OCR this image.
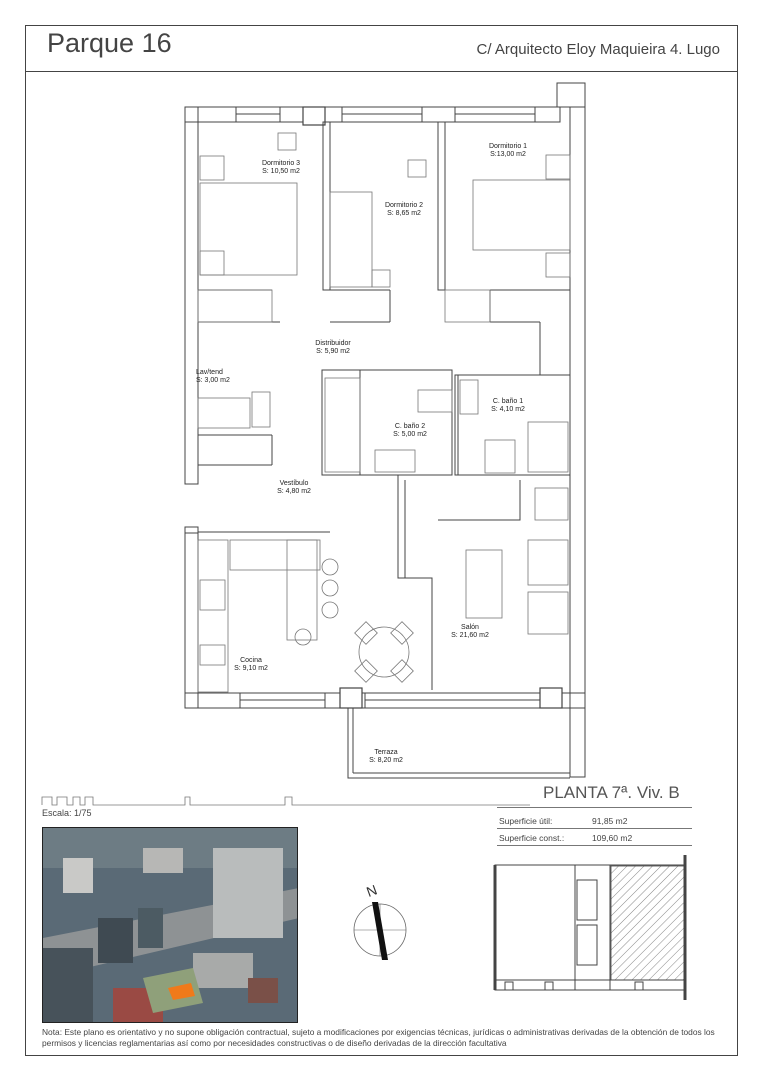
Parque 16	C/ Arquitecto Eloy Maquieira 4. Lugo
Dormitorio 3
S: 10,50 m2
Dormitorio 2
S: 8,65 m2
Dormitorio 1
S:13,00 m2
Distribuidor
S: 5,90 m2
Lav/tend
S: 3,00 m2
C. baño 1
S: 4,10 m2
C. baño 2
S: 5,00 m2
Vestíbulo
S: 4,80 m2
Salón
S: 21,60 m2
Cocina
S: 9,10 m2
Terraza
S: 8,20 m2
PLANTA 7ª. Viv. B
Escala: 1/75
Superficie útil:	91,85 m2
Superficie const.:	109,60 m2
N
Nota: Este plano es orientativo y no supone obligación contractual, sujeto a modificaciones por exigencias técnicas, jurídicas o administrativas derivadas de la obtención de todos los permisos y licencias reglamentarias así como por necesidades constructivas o de diseño derivadas de la dirección facultativa
